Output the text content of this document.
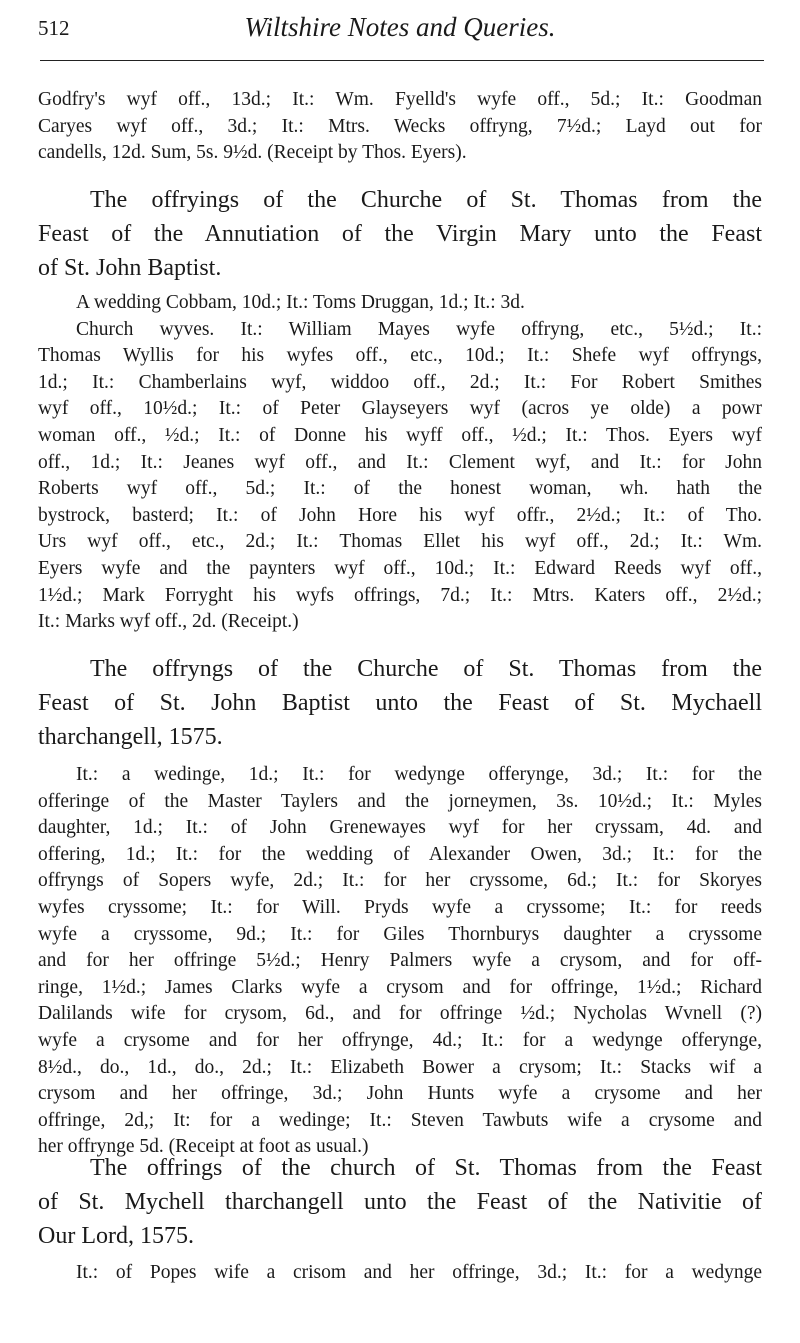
512	Wiltshire Notes and Queries.
Godfry's wyf off., 13d.; It.: Wm. Fyelld's wyfe off., 5d.; It.: Goodman
Caryes wyf off., 3d.; It.: Mtrs. Wecks offryng, 7½d.; Layd out for
candells, 12d. Sum, 5s. 9½d. (Receipt by Thos. Eyers).
The offryings of the Churche of St. Thomas from the
Feast of the Annutiation of the Virgin Mary unto the Feast
of St. John Baptist.
A wedding Cobbam, 10d.; It.: Toms Druggan, 1d.; It.: 3d.
Church wyves. It.: William Mayes wyfe offryng, etc., 5½d.; It.:
Thomas Wyllis for his wyfes off., etc., 10d.; It.: Shefe wyf offryngs,
1d.; It.: Chamberlains wyf, widdoo off., 2d.; It.: For Robert Smithes
wyf off., 10½d.; It.: of Peter Glayseyers wyf (acros ye olde) a powr
woman off., ½d.; It.: of Donne his wyff off., ½d.; It.: Thos. Eyers wyf
off., 1d.; It.: Jeanes wyf off., and It.: Clement wyf, and It.: for John
Roberts wyf off., 5d.; It.: of the honest woman, wh. hath the
bystrock, basterd; It.: of John Hore his wyf offr., 2½d.; It.: of Tho.
Urs wyf off., etc., 2d.; It.: Thomas Ellet his wyf off., 2d.; It.: Wm.
Eyers wyfe and the paynters wyf off., 10d.; It.: Edward Reeds wyf off.,
1½d.; Mark Forryght his wyfs offrings, 7d.; It.: Mtrs. Katers off., 2½d.;
It.: Marks wyf off., 2d. (Receipt.)
The offryngs of the Churche of St. Thomas from the
Feast of St. John Baptist unto the Feast of St. Mychaell
tharchangell, 1575.
It.: a wedinge, 1d.; It.: for wedynge offerynge, 3d.; It.: for the
offeringe of the Master Taylers and the jorneymen, 3s. 10½d.; It.: Myles
daughter, 1d.; It.: of John Grenewayes wyf for her cryssam, 4d. and
offering, 1d.; It.: for the wedding of Alexander Owen, 3d.; It.: for the
offryngs of Sopers wyfe, 2d.; It.: for her cryssome, 6d.; It.: for Skoryes
wyfes cryssome; It.: for Will. Pryds wyfe a cryssome; It.: for reeds
wyfe a cryssome, 9d.; It.: for Giles Thornburys daughter a cryssome
and for her offringe 5½d.; Henry Palmers wyfe a crysom, and for off-
ringe, 1½d.; James Clarks wyfe a crysom and for offringe, 1½d.; Richard
Dalilands wife for crysom, 6d., and for offringe ½d.; Nycholas Wvnell (?)
wyfe a crysome and for her offrynge, 4d.; It.: for a wedynge offerynge,
8½d., do., 1d., do., 2d.; It.: Elizabeth Bower a crysom; It.: Stacks wif a
crysom and her offringe, 3d.; John Hunts wyfe a crysome and her
offringe, 2d,; It: for a wedinge; It.: Steven Tawbuts wife a crysome and
her offrynge 5d. (Receipt at foot as usual.)
The offrings of the church of St. Thomas from the Feast
of St. Mychell tharchangell unto the Feast of the Nativitie of
Our Lord, 1575.
It.: of Popes wife a crisom and her offringe, 3d.; It.: for a wedynge
